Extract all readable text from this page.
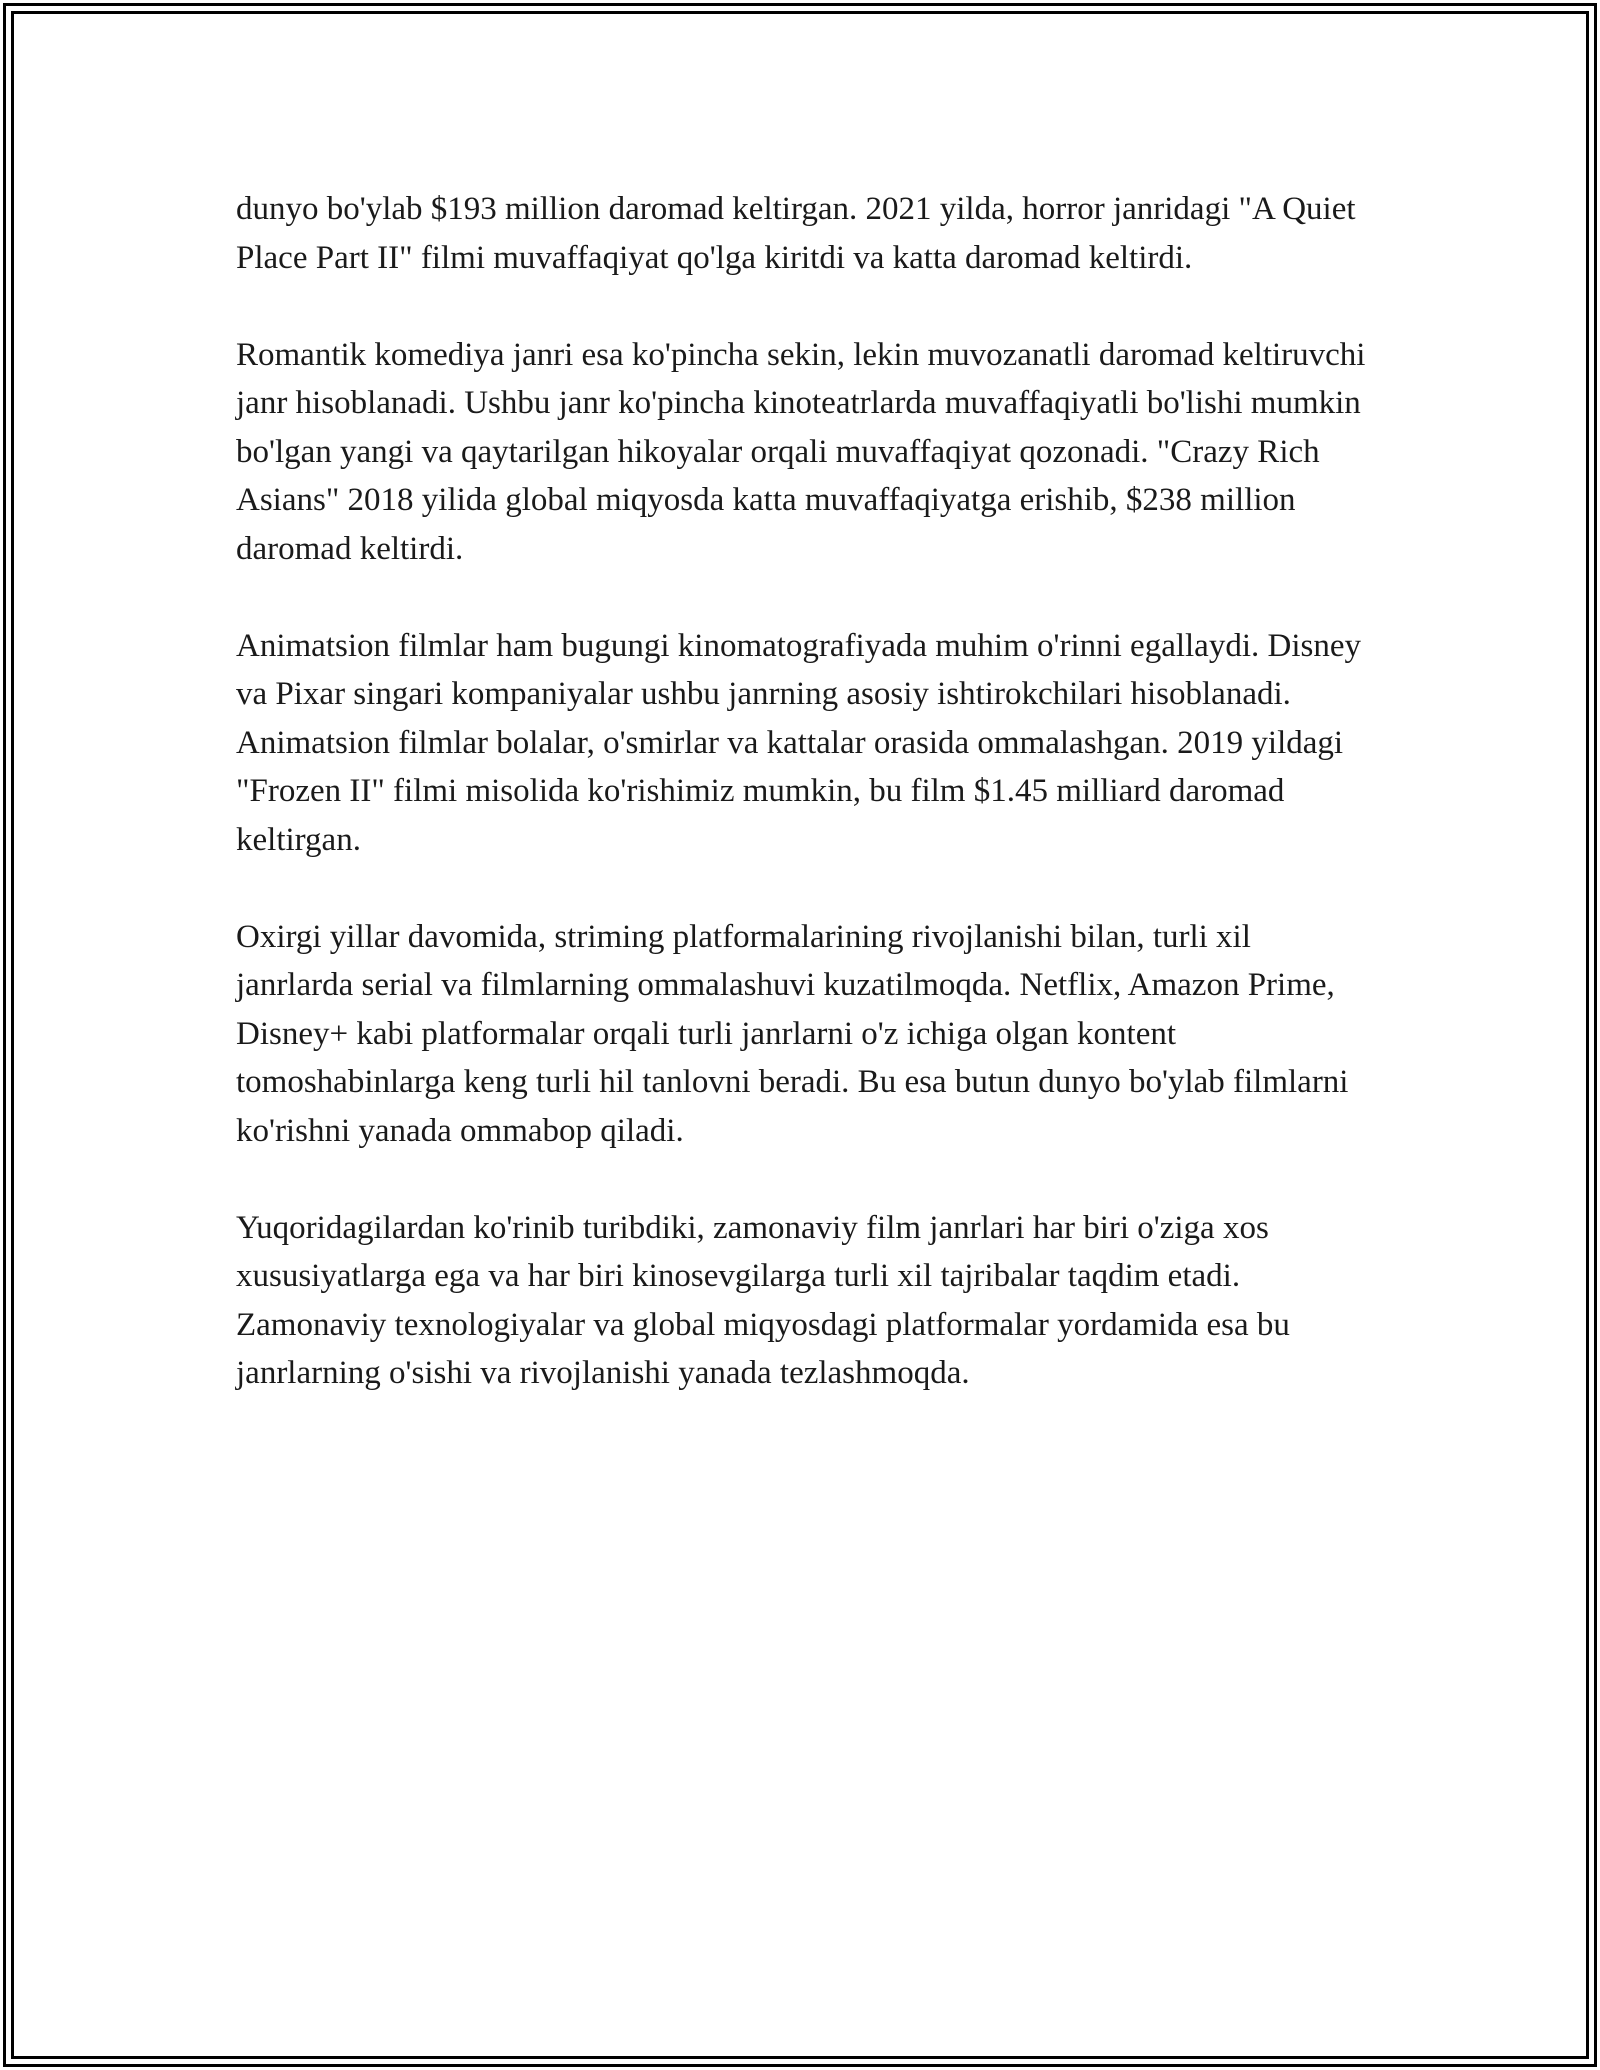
dunyo bo'ylab $193 million daromad keltirgan. 2021 yilda, horror janridagi "A Quiet Place Part II" filmi muvaffaqiyat qo'lga kiritdi va katta daromad keltirdi.

Romantik komediya janri esa ko'pincha sekin, lekin muvozanatli daromad keltiruvchi janr hisoblanadi. Ushbu janr ko'pincha kinoteatrlarda muvaffaqiyatli bo'lishi mumkin bo'lgan yangi va qaytarilgan hikoyalar orqali muvaffaqiyat qozonadi. "Crazy Rich Asians" 2018 yilida global miqyosda katta muvaffaqiyatga erishib, $238 million daromad keltirdi.

Animatsion filmlar ham bugungi kinomatografiyada muhim o'rinni egallaydi. Disney va Pixar singari kompaniyalar ushbu janrning asosiy ishtirokchilari hisoblanadi. Animatsion filmlar bolalar, o'smirlar va kattalar orasida ommalashgan. 2019 yildagi "Frozen II" filmi misolida ko'rishimiz mumkin, bu film $1.45 milliard daromad keltirgan.

Oxirgi yillar davomida, striming platformalarining rivojlanishi bilan, turli xil janrlarda serial va filmlarning ommalashuvi kuzatilmoqda. Netflix, Amazon Prime, Disney+ kabi platformalar orqali turli janrlarni o'z ichiga olgan kontent tomoshabinlarga keng turli hil tanlovni beradi. Bu esa butun dunyo bo'ylab filmlarni ko'rishni yanada ommabop qiladi.

Yuqoridagilardan ko'rinib turibdiki, zamonaviy film janrlari har biri o'ziga xos xususiyatlarga ega va har biri kinosevgilarga turli xil tajribalar taqdim etadi. Zamonaviy texnologiyalar va global miqyosdagi platformalar yordamida esa bu janrlarning o'sishi va rivojlanishi yanada tezlashmoqda.
